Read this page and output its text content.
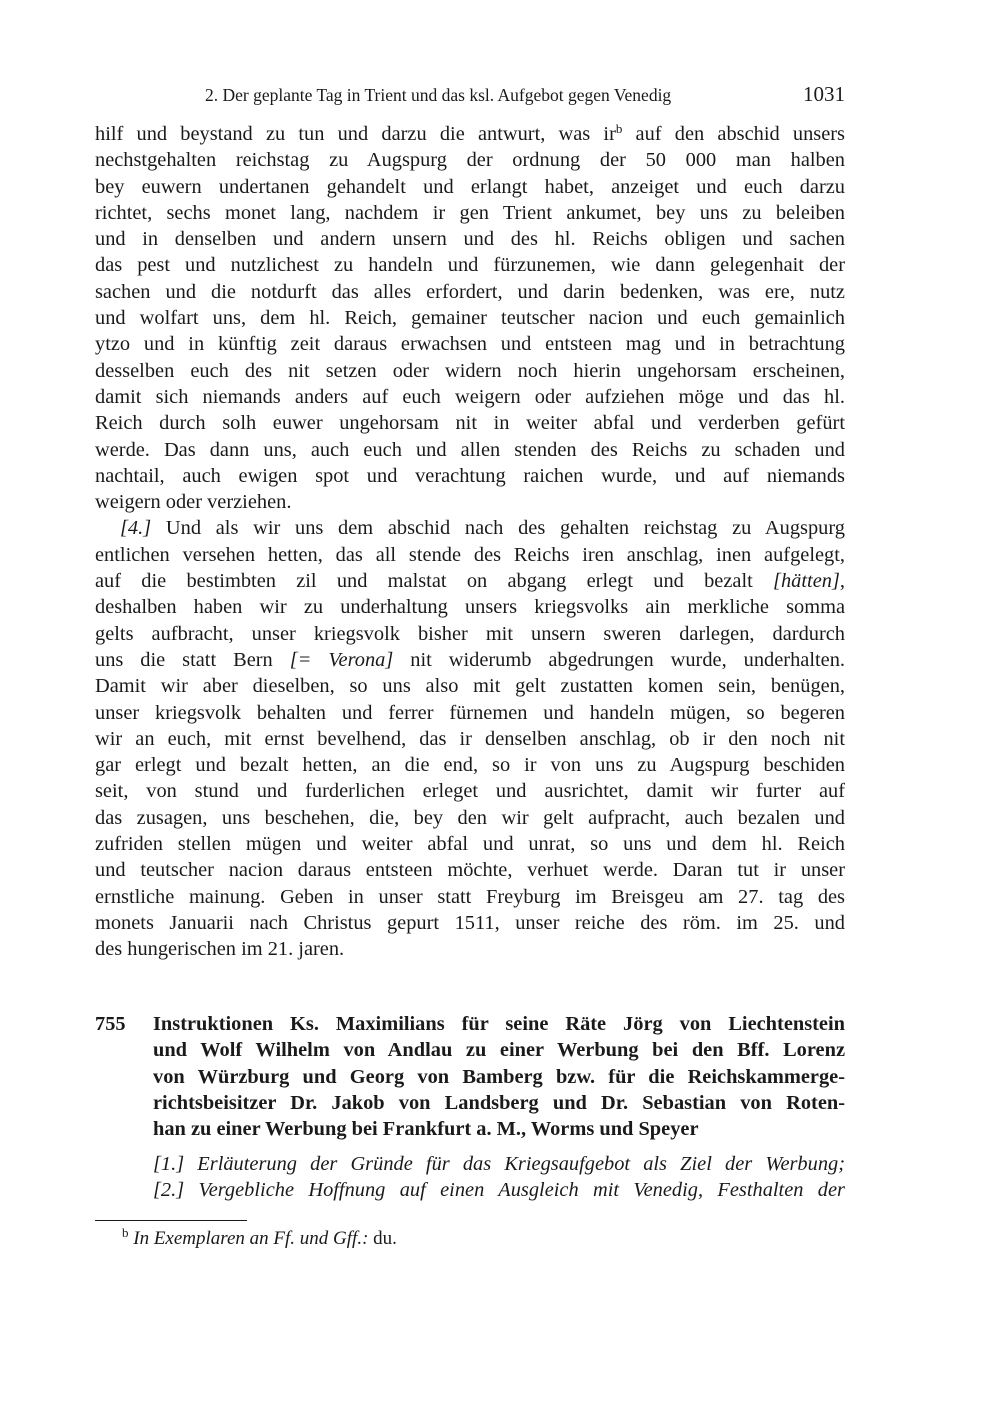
2. Der geplante Tag in Trient und das ksl. Aufgebot gegen Venedig	1031
hilf und beystand zu tun und darzu die antwurt, was $ir^b$ auf den abschid unsers
nechstgehalten reichstag zu Augspurg der ordnung der 50 000 man halben
bey euwern undertanen gehandelt und erlangt habet, anzeiget und euch darzu
richtet, sechs monet lang, nachdem ir gen Trient ankumet, bey uns zu beleiben
und in denselben und andern unsern und des hl. Reichs obligen und sachen
das pest und nutzlichest zu handeln und fürzunemen, wie dann gelegenhait der
sachen und die notdurft das alles erfordert, und darin bedenken, was ere, nutz
und wolfart uns, dem hl. Reich, gemainer teutscher nacion und euch gemainlich
ytzo und in künftig zeit daraus erwachsen und entsteen mag und in betrachtung
desselben euch des nit setzen oder widern noch hierin ungehorsam erscheinen,
damit sich niemands anders auf euch weigern oder aufziehen möge und das hl.
Reich durch solh euwer ungehorsam nit in weiter abfal und verderben gefürt
werde. Das dann uns, auch euch und allen stenden des Reichs zu schaden und
nachtail, auch ewigen spot und verachtung raichen wurde, und auf niemands
weigern oder verziehen.
[4.] Und als wir uns dem abschid nach des gehalten reichstag zu Augspurg
entlichen versehen hetten, das all stende des Reichs iren anschlag, inen aufgelegt,
auf die bestimbten zil und malstat on abgang erlegt und bezalt [hätten],
deshalben haben wir zu underhaltung unsers kriegsvolks ain merkliche somma
gelts aufbracht, unser kriegsvolk bisher mit unsern sweren darlegen, dardurch
uns die statt Bern [= Verona] nit widerumb abgedrungen wurde, underhalten.
Damit wir aber dieselben, so uns also mit gelt zustatten komen sein, benügen,
unser kriegsvolk behalten und ferrer fürnemen und handeln mügen, so begeren
wir an euch, mit ernst bevelhend, das ir denselben anschlag, ob ir den noch nit
gar erlegt und bezalt hetten, an die end, so ir von uns zu Augspurg beschiden
seit, von stund und furderlichen erleget und ausrichtet, damit wir furter auf
das zusagen, uns beschehen, die, bey den wir gelt aufpracht, auch bezalen und
zufriden stellen mügen und weiter abfal und unrat, so uns und dem hl. Reich
und teutscher nacion daraus entsteen möchte, verhuet werde. Daran tut ir unser
ernstliche mainung. Geben in unser statt Freyburg im Breisgeu am 27. tag des
monets Januarii nach Christus gepurt 1511, unser reiche des röm. im 25. und
des hungerischen im 21. jaren.
755 Instruktionen Ks. Maximilians für seine Räte Jörg von Liechtenstein
und Wolf Wilhelm von Andlau zu einer Werbung bei den Bff. Lorenz
von Würzburg und Georg von Bamberg bzw. für die Reichskammerge-
richtsbeisitzer Dr. Jakob von Landsberg und Dr. Sebastian von Roten-
han zu einer Werbung bei Frankfurt a. M., Worms und Speyer
[1.] Erläuterung der Gründe für das Kriegsaufgebot als Ziel der Werbung;
[2.] Vergebliche Hoffnung auf einen Ausgleich mit Venedig, Festhalten der
$^b$ In Exemplaren an Ff. und Gff.: du.
